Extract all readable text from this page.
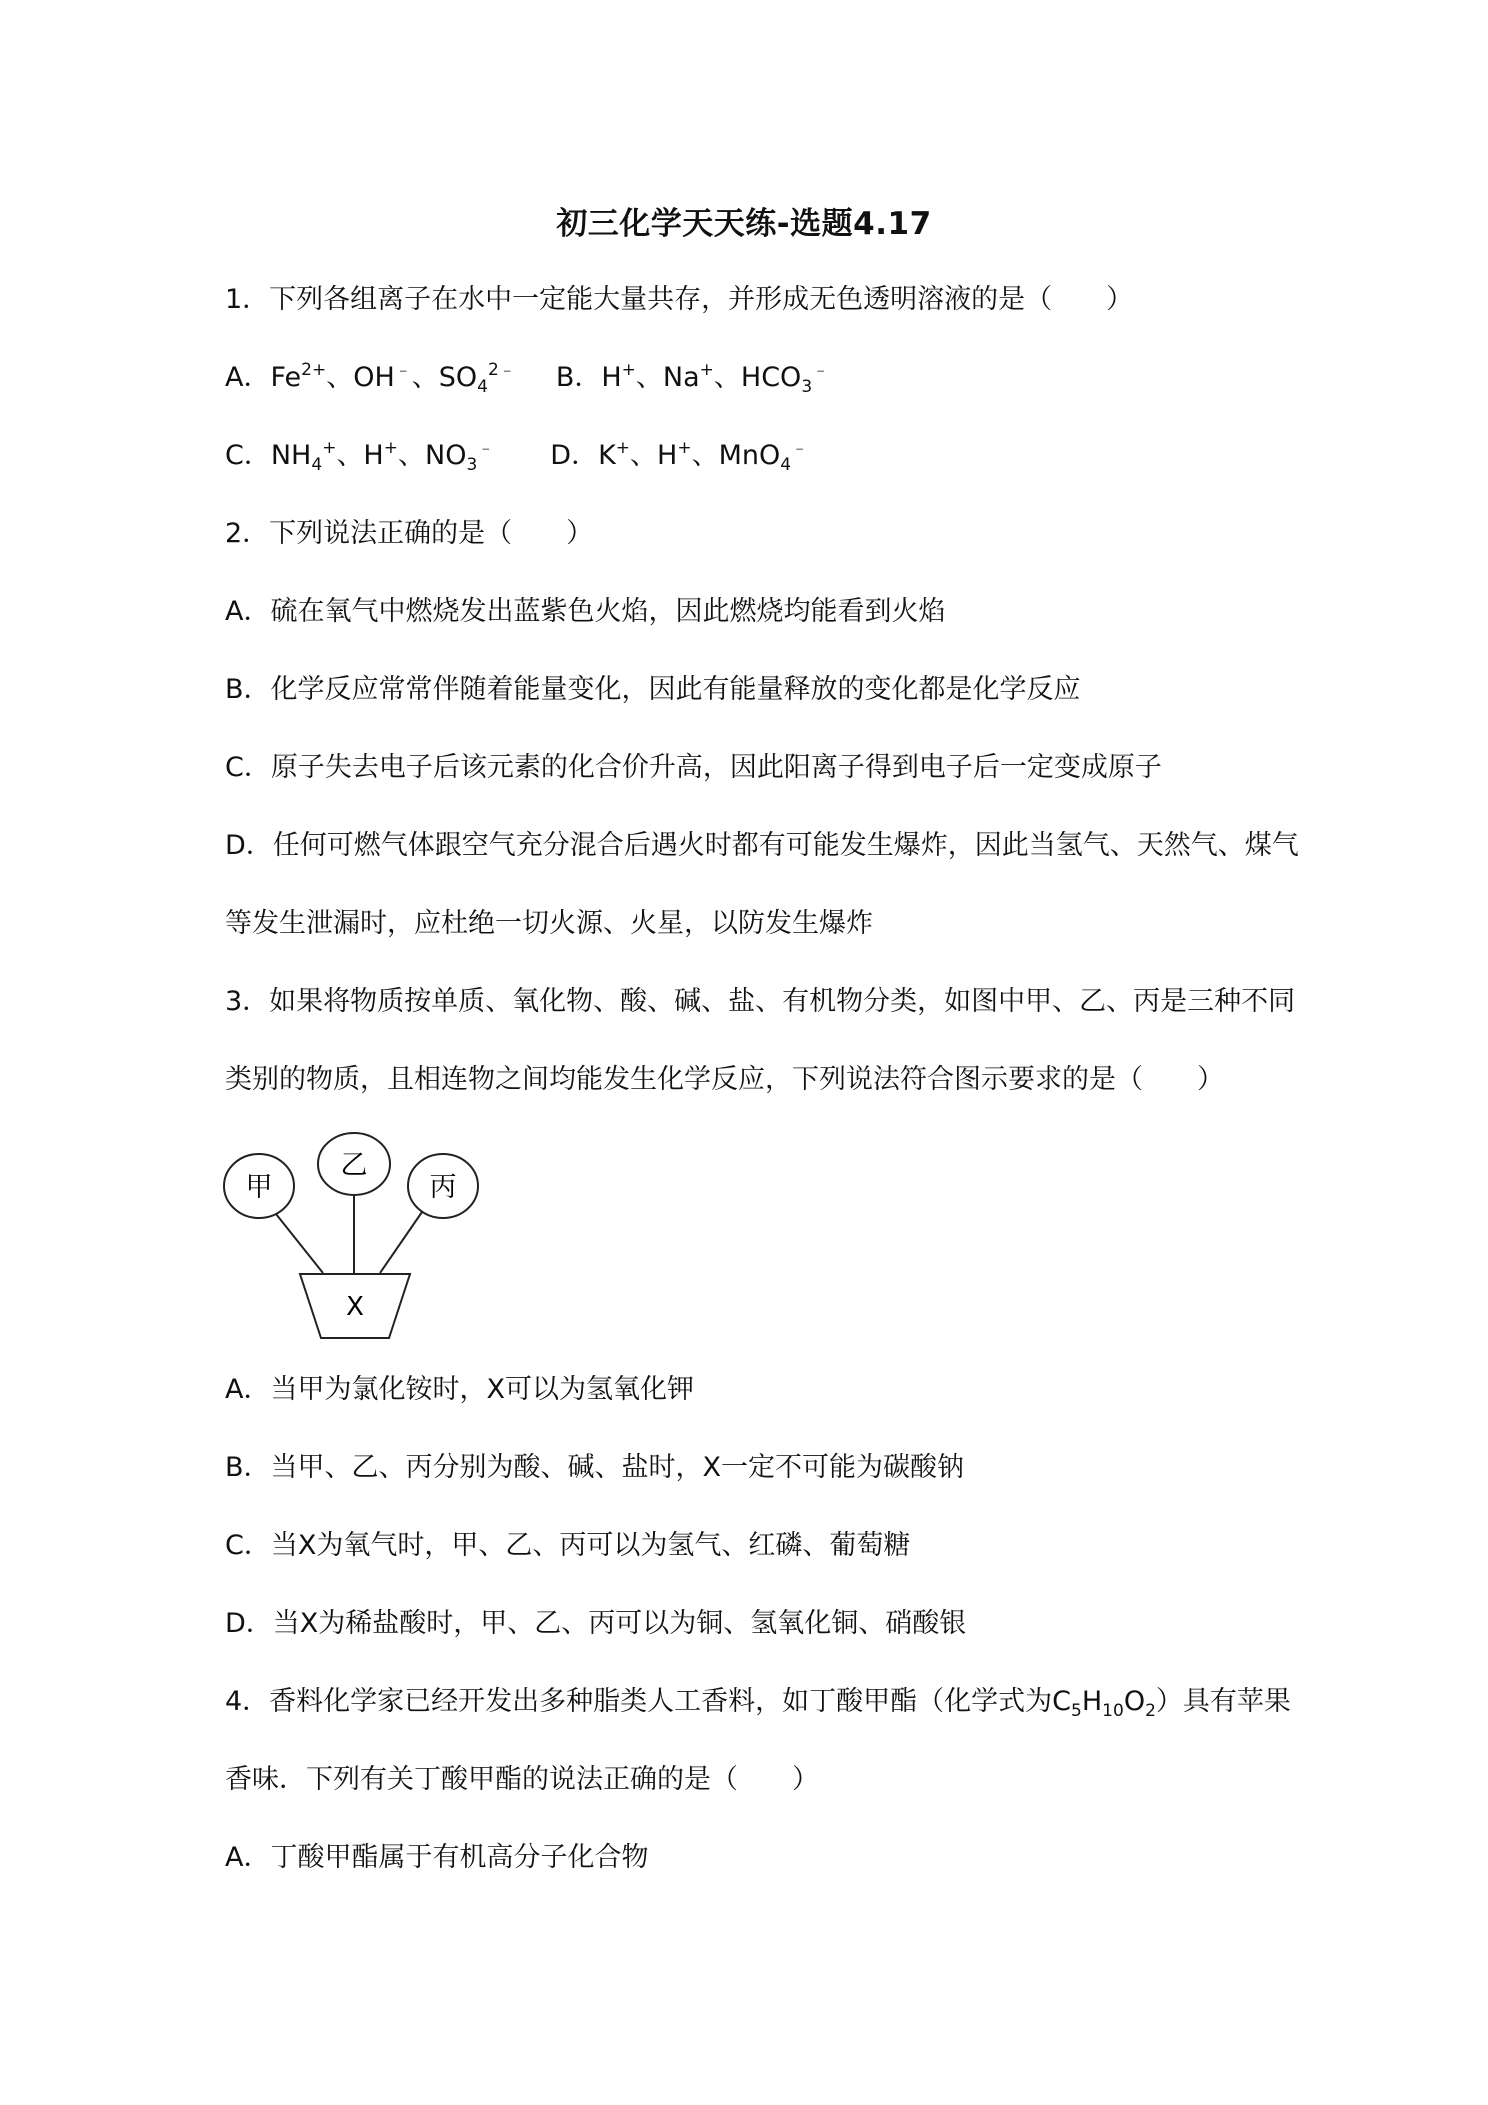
初三化学天天练-选题4.17
1．下列各组离子在水中一定能大量共存，并形成无色透明溶液的是（　　）
A．$Fe^{2+}$、OH﹣、$SO_4^{2﹣}$ B．H+、Na+、$HCO_3^﹣$
C．$NH_4^+$、H+、$NO_3^﹣$ D．K+、H+、MnO$_4$﹣
2．下列说法正确的是（　　）
A．硫在氧气中燃烧发出蓝紫色火焰，因此燃烧均能看到火焰
B．化学反应常常伴随着能量变化，因此有能量释放的变化都是化学反应
C．原子失去电子后该元素的化合价升高，因此阳离子得到电子后一定变成原子
D．任何可燃气体跟空气充分混合后遇火时都有可能发生爆炸，因此当氢气、天然气、煤气
等发生泄漏时，应杜绝一切火源、火星，以防发生爆炸
3．如果将物质按单质、氧化物、酸、碱、盐、有机物分类，如图中甲、乙、丙是三种不同
类别的物质，且相连物之间均能发生化学反应，下列说法符合图示要求的是（　　）
甲
乙
丙
X
A．当甲为氯化铵时，X可以为氢氧化钾
B．当甲、乙、丙分别为酸、碱、盐时，X一定不可能为碳酸钠
C．当X为氧气时，甲、乙、丙可以为氢气、红磷、葡萄糖
D．当X为稀盐酸时，甲、乙、丙可以为铜、氢氧化铜、硝酸银
4．香料化学家已经开发出多种脂类人工香料，如丁酸甲酯（化学式为$C_5H_{10}O_2$）具有苹果
香味．下列有关丁酸甲酯的说法正确的是（　　）
A．丁酸甲酯属于有机高分子化合物
